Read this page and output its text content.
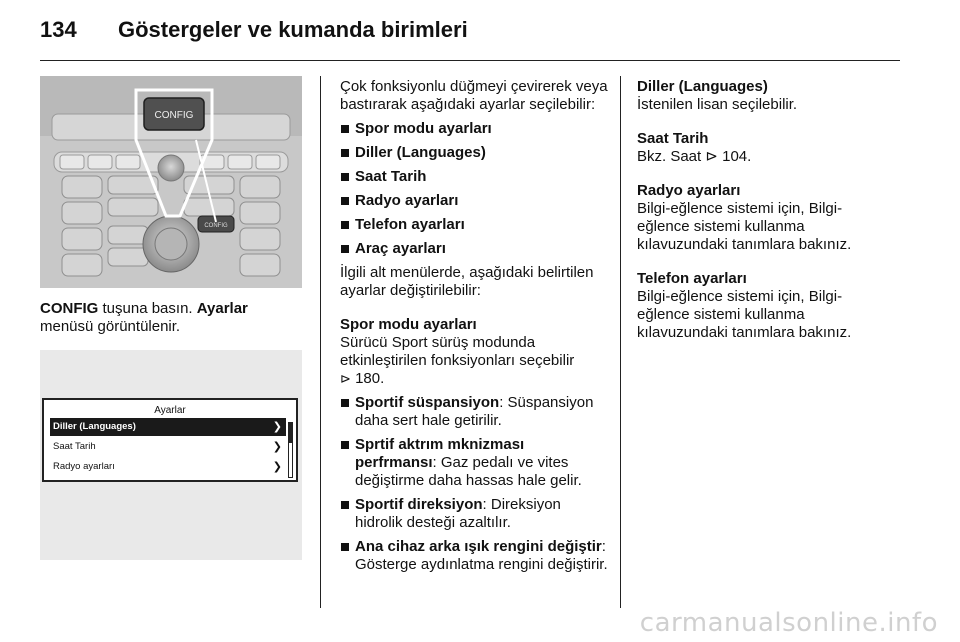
134	Göstergeler ve kumanda birimleri
CONFIG
CONFIG
CONFIG tuşuna basın. Ayarlar
menüsü görüntülenir.
Ayarlar
Diller (Languages)	❯
Saat Tarih	❯
Radyo ayarları	❯

Çok fonksiyonlu düğmeyi çevirerek veya bastırarak aşağıdaki ayarlar seçilebilir:

Spor modu ayarları

Diller (Languages)

Saat Tarih

Radyo ayarları

Telefon ayarları

Araç ayarları

İlgili alt menülerde, aşağıdaki belirtilen ayarlar değiştirilebilir:

Spor modu ayarları

Sürücü Sport sürüş modunda etkinleştirilen fonksiyonları seçebilir
⊳ 180.

Sportif süspansiyon: Süspansiyon daha sert hale getirilir.

Sprtif aktrım mknizması perfrmansı: Gaz pedalı ve vites değiştirme daha hassas hale gelir.

Sportif direksiyon: Direksiyon hidrolik desteği azaltılır.

Ana cihaz arka ışık rengini değiştir: Gösterge aydınlatma rengini değiştirir.

Diller (Languages)

İstenilen lisan seçilebilir.

Saat Tarih

Bkz. Saat ⊳ 104.

Radyo ayarları

Bilgi-eğlence sistemi için, Bilgi-eğlence sistemi kullanma kılavuzundaki tanımlara bakınız.

Telefon ayarları

Bilgi-eğlence sistemi için, Bilgi-eğlence sistemi kullanma kılavuzundaki tanımlara bakınız.

carmanualsonline.info
